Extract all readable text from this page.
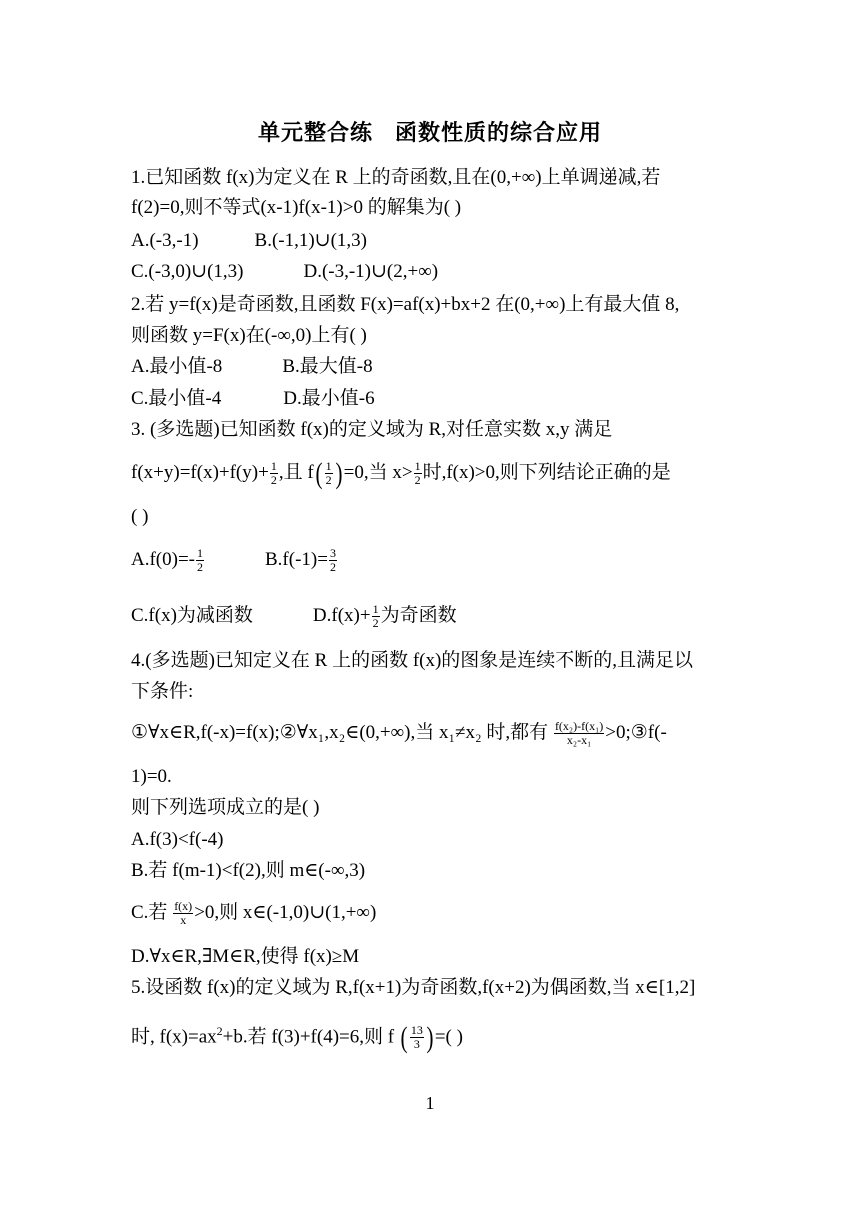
单元整合练 函数性质的综合应用
1.已知函数 f(x)为定义在 R 上的奇函数,且在(0,+∞)上单调递减,若
f(2)=0,则不等式(x-1)f(x-1)>0 的解集为( )
A.(-3,-1)	B.(-1,1)∪(1,3)
C.(-3,0)∪(1,3)	D.(-3,-1)∪(2,+∞)
2.若 y=f(x)是奇函数,且函数 F(x)=af(x)+bx+2 在(0,+∞)上有最大值 8,
则函数 y=F(x)在(-∞,0)上有( )
A.最小值-8	B.最大值-8
C.最小值-4	D.最小值-6
3. (多选题)已知函数 f(x)的定义域为 R,对任意实数 x,y 满足
$f(x+y)=f(x)+f(y)+ \frac{1}{2}$ ,且 $f( \frac{1}{2} )=0$,当 $x> \frac{1}{2}$ 时,f(x)>0,则下列结论正确的是
( )
$A.f(0)=- \frac{1}{2}$	$B.f(-1)= \frac{3}{2}$
C.f(x)为减函数	$D.f(x)+ \frac{1}{2}$ 为奇函数
4.(多选题)已知定义在 R 上的函数 f(x)的图象是连续不断的,且满足以
下条件:
①∀x∈R,f(-x)=f(x);②∀x₁,x₂∈(0,+∞),当 x₁≠x₂ 时,都有 $\frac{\text{f(x₂)-f(x₁)}}{\text{x₂-x₁}}$ >0;③f(-
1)=0.
则下列选项成立的是( )
A.f(3)<f(-4)
B.若 f(m-1)<f(2),则 m∈(-∞,3)
C.若 $\frac{f(x)}{x} >0$,则 x∈(-1,0)∪(1,+∞)
D.∀x∈R,∃M∈R,使得 f(x)≥M
5.设函数 f(x)的定义域为 R,f(x+1)为奇函数,f(x+2)为偶函数,当 x∈[1,2]
时, $f(x)=ax^2+b$.若 f(3)+f(4)=6,则 f ( $\frac{13}{3}$ )=( )
1
